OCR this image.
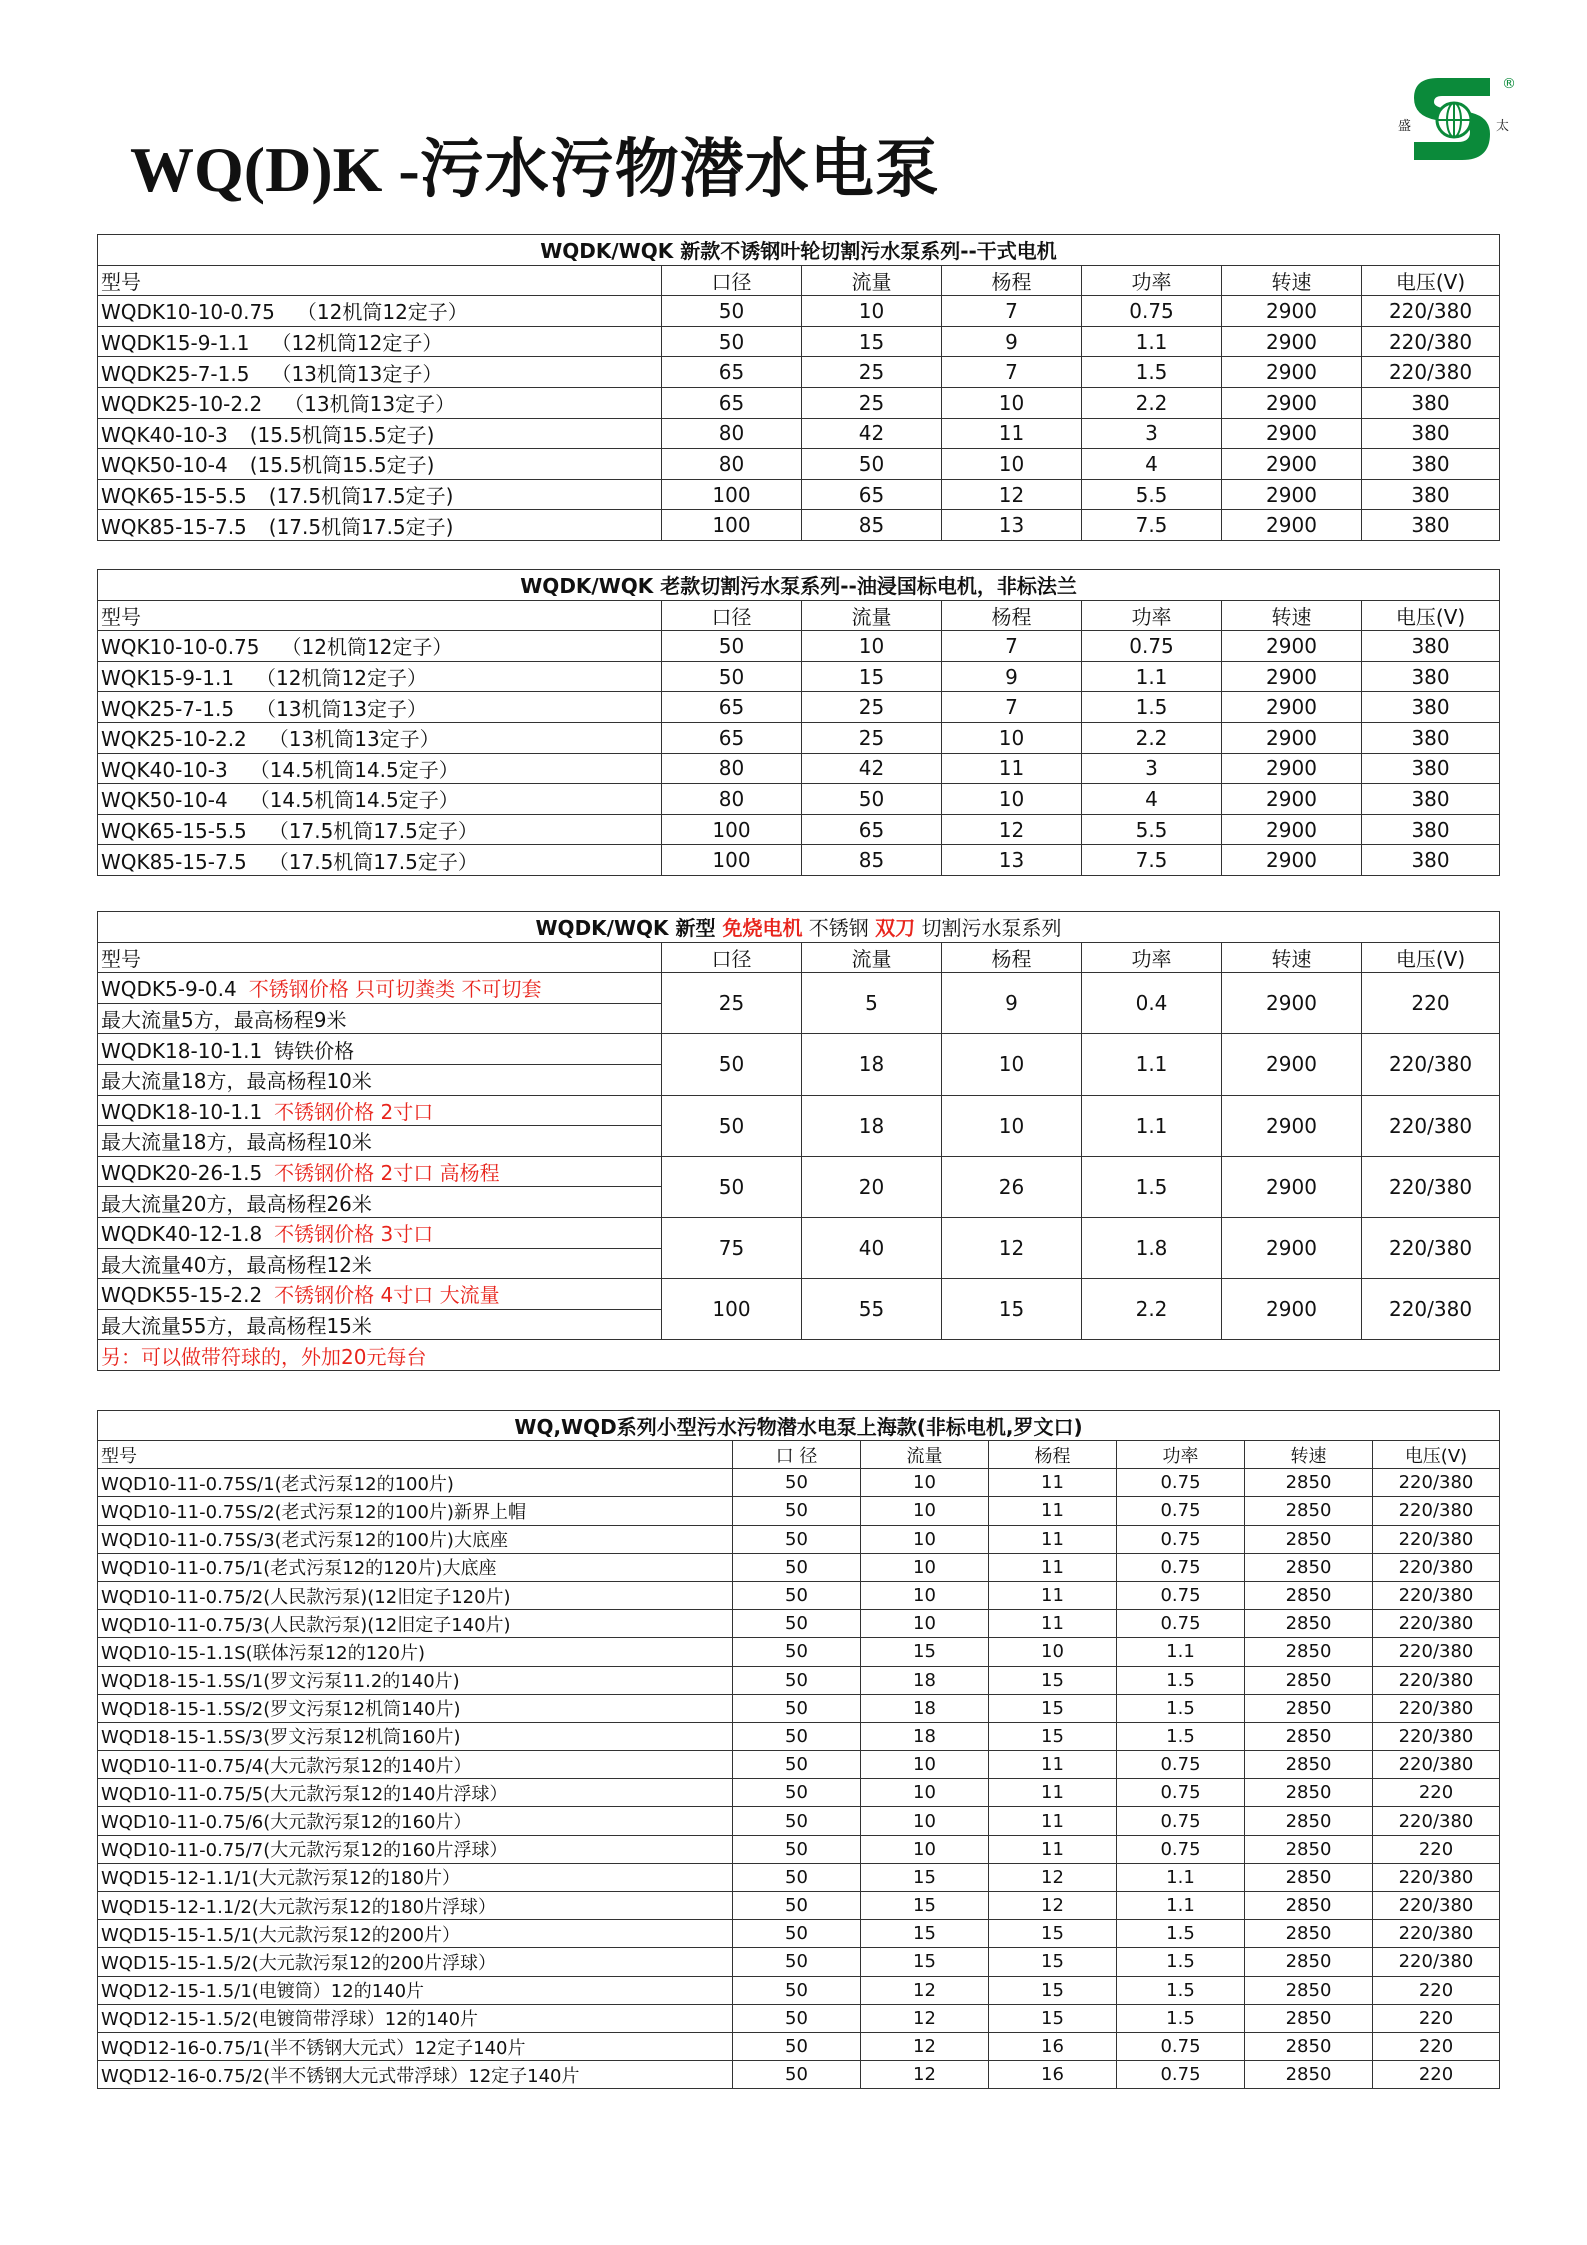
WQ(D)K -污水污物潜水电泵
®
盛	太
WQDK/WQK 新款不诱钢叶轮切割污水泵系列--干式电机						
型号	口径	流量	杨程	功率	转速	电压(V)
WQDK10-10-0.75 （12机筒12定子）	50	10	7	0.75	2900	220/380
WQDK15-9-1.1 （12机筒12定子）	50	15	9	1.1	2900	220/380
WQDK25-7-1.5 （13机筒13定子）	65	25	7	1.5	2900	220/380
WQDK25-10-2.2 （13机筒13定子）	65	25	10	2.2	2900	380
WQK40-10-3 (15.5机筒15.5定子)	80	42	11	3	2900	380
WQK50-10-4 (15.5机筒15.5定子)	80	50	10	4	2900	380
WQK65-15-5.5 (17.5机筒17.5定子)	100	65	12	5.5	2900	380
WQK85-15-7.5 (17.5机筒17.5定子)	100	85	13	7.5	2900	380
WQDK/WQK 老款切割污水泵系列--油浸国标电机，非标法兰						
型号	口径	流量	杨程	功率	转速	电压(V)
WQK10-10-0.75 （12机筒12定子）	50	10	7	0.75	2900	380
WQK15-9-1.1 （12机筒12定子）	50	15	9	1.1	2900	380
WQK25-7-1.5 （13机筒13定子）	65	25	7	1.5	2900	380
WQK25-10-2.2 （13机筒13定子）	65	25	10	2.2	2900	380
WQK40-10-3 （14.5机筒14.5定子）	80	42	11	3	2900	380
WQK50-10-4 （14.5机筒14.5定子）	80	50	10	4	2900	380
WQK65-15-5.5 （17.5机筒17.5定子）	100	65	12	5.5	2900	380
WQK85-15-7.5 （17.5机筒17.5定子）	100	85	13	7.5	2900	380
WQDK/WQK 新型 免烧电机 不锈钢 双刀 切割污水泵系列						
型号	口径	流量	杨程	功率	转速	电压(V)
WQDK5-9-0.4 不锈钢价格 只可切粪类 不可切套	25	5	9	0.4	2900	220
最大流量5方，最高杨程9米						
WQDK18-10-1.1 铸铁价格	50	18	10	1.1	2900	220/380
最大流量18方，最高杨程10米						
WQDK18-10-1.1 不锈钢价格 2寸口	50	18	10	1.1	2900	220/380
最大流量18方，最高杨程10米						
WQDK20-26-1.5 不锈钢价格 2寸口 高杨程	50	20	26	1.5	2900	220/380
最大流量20方，最高杨程26米						
WQDK40-12-1.8 不锈钢价格 3寸口	75	40	12	1.8	2900	220/380
最大流量40方，最高杨程12米						
WQDK55-15-2.2 不锈钢价格 4寸口 大流量	100	55	15	2.2	2900	220/380
最大流量55方，最高杨程15米						
另：可以做带符球的，外加20元每台						
WQ,WQD系列小型污水污物潜水电泵上海款(非标电机,罗文口)						
型号	口 径	流量	杨程	功率	转速	电压(V)
WQD10-11-0.75S/1(老式污泵12的100片)	50	10	11	0.75	2850	220/380
WQD10-11-0.75S/2(老式污泵12的100片)新界上帽	50	10	11	0.75	2850	220/380
WQD10-11-0.75S/3(老式污泵12的100片)大底座	50	10	11	0.75	2850	220/380
WQD10-11-0.75/1(老式污泵12的120片)大底座	50	10	11	0.75	2850	220/380
WQD10-11-0.75/2(人民款污泵)(12旧定子120片)	50	10	11	0.75	2850	220/380
WQD10-11-0.75/3(人民款污泵)(12旧定子140片)	50	10	11	0.75	2850	220/380
WQD10-15-1.1S(联体污泵12的120片)	50	15	10	1.1	2850	220/380
WQD18-15-1.5S/1(罗文污泵11.2的140片)	50	18	15	1.5	2850	220/380
WQD18-15-1.5S/2(罗文污泵12机筒140片)	50	18	15	1.5	2850	220/380
WQD18-15-1.5S/3(罗文污泵12机筒160片)	50	18	15	1.5	2850	220/380
WQD10-11-0.75/4(大元款污泵12的140片）	50	10	11	0.75	2850	220/380
WQD10-11-0.75/5(大元款污泵12的140片浮球）	50	10	11	0.75	2850	220
WQD10-11-0.75/6(大元款污泵12的160片）	50	10	11	0.75	2850	220/380
WQD10-11-0.75/7(大元款污泵12的160片浮球）	50	10	11	0.75	2850	220
WQD15-12-1.1/1(大元款污泵12的180片）	50	15	12	1.1	2850	220/380
WQD15-12-1.1/2(大元款污泵12的180片浮球）	50	15	12	1.1	2850	220/380
WQD15-15-1.5/1(大元款污泵12的200片）	50	15	15	1.5	2850	220/380
WQD15-15-1.5/2(大元款污泵12的200片浮球）	50	15	15	1.5	2850	220/380
WQD12-15-1.5/1(电镀筒）12的140片	50	12	15	1.5	2850	220
WQD12-15-1.5/2(电镀筒带浮球）12的140片	50	12	15	1.5	2850	220
WQD12-16-0.75/1(半不锈钢大元式）12定子140片	50	12	16	0.75	2850	220
WQD12-16-0.75/2(半不锈钢大元式带浮球）12定子140片	50	12	16	0.75	2850	220
